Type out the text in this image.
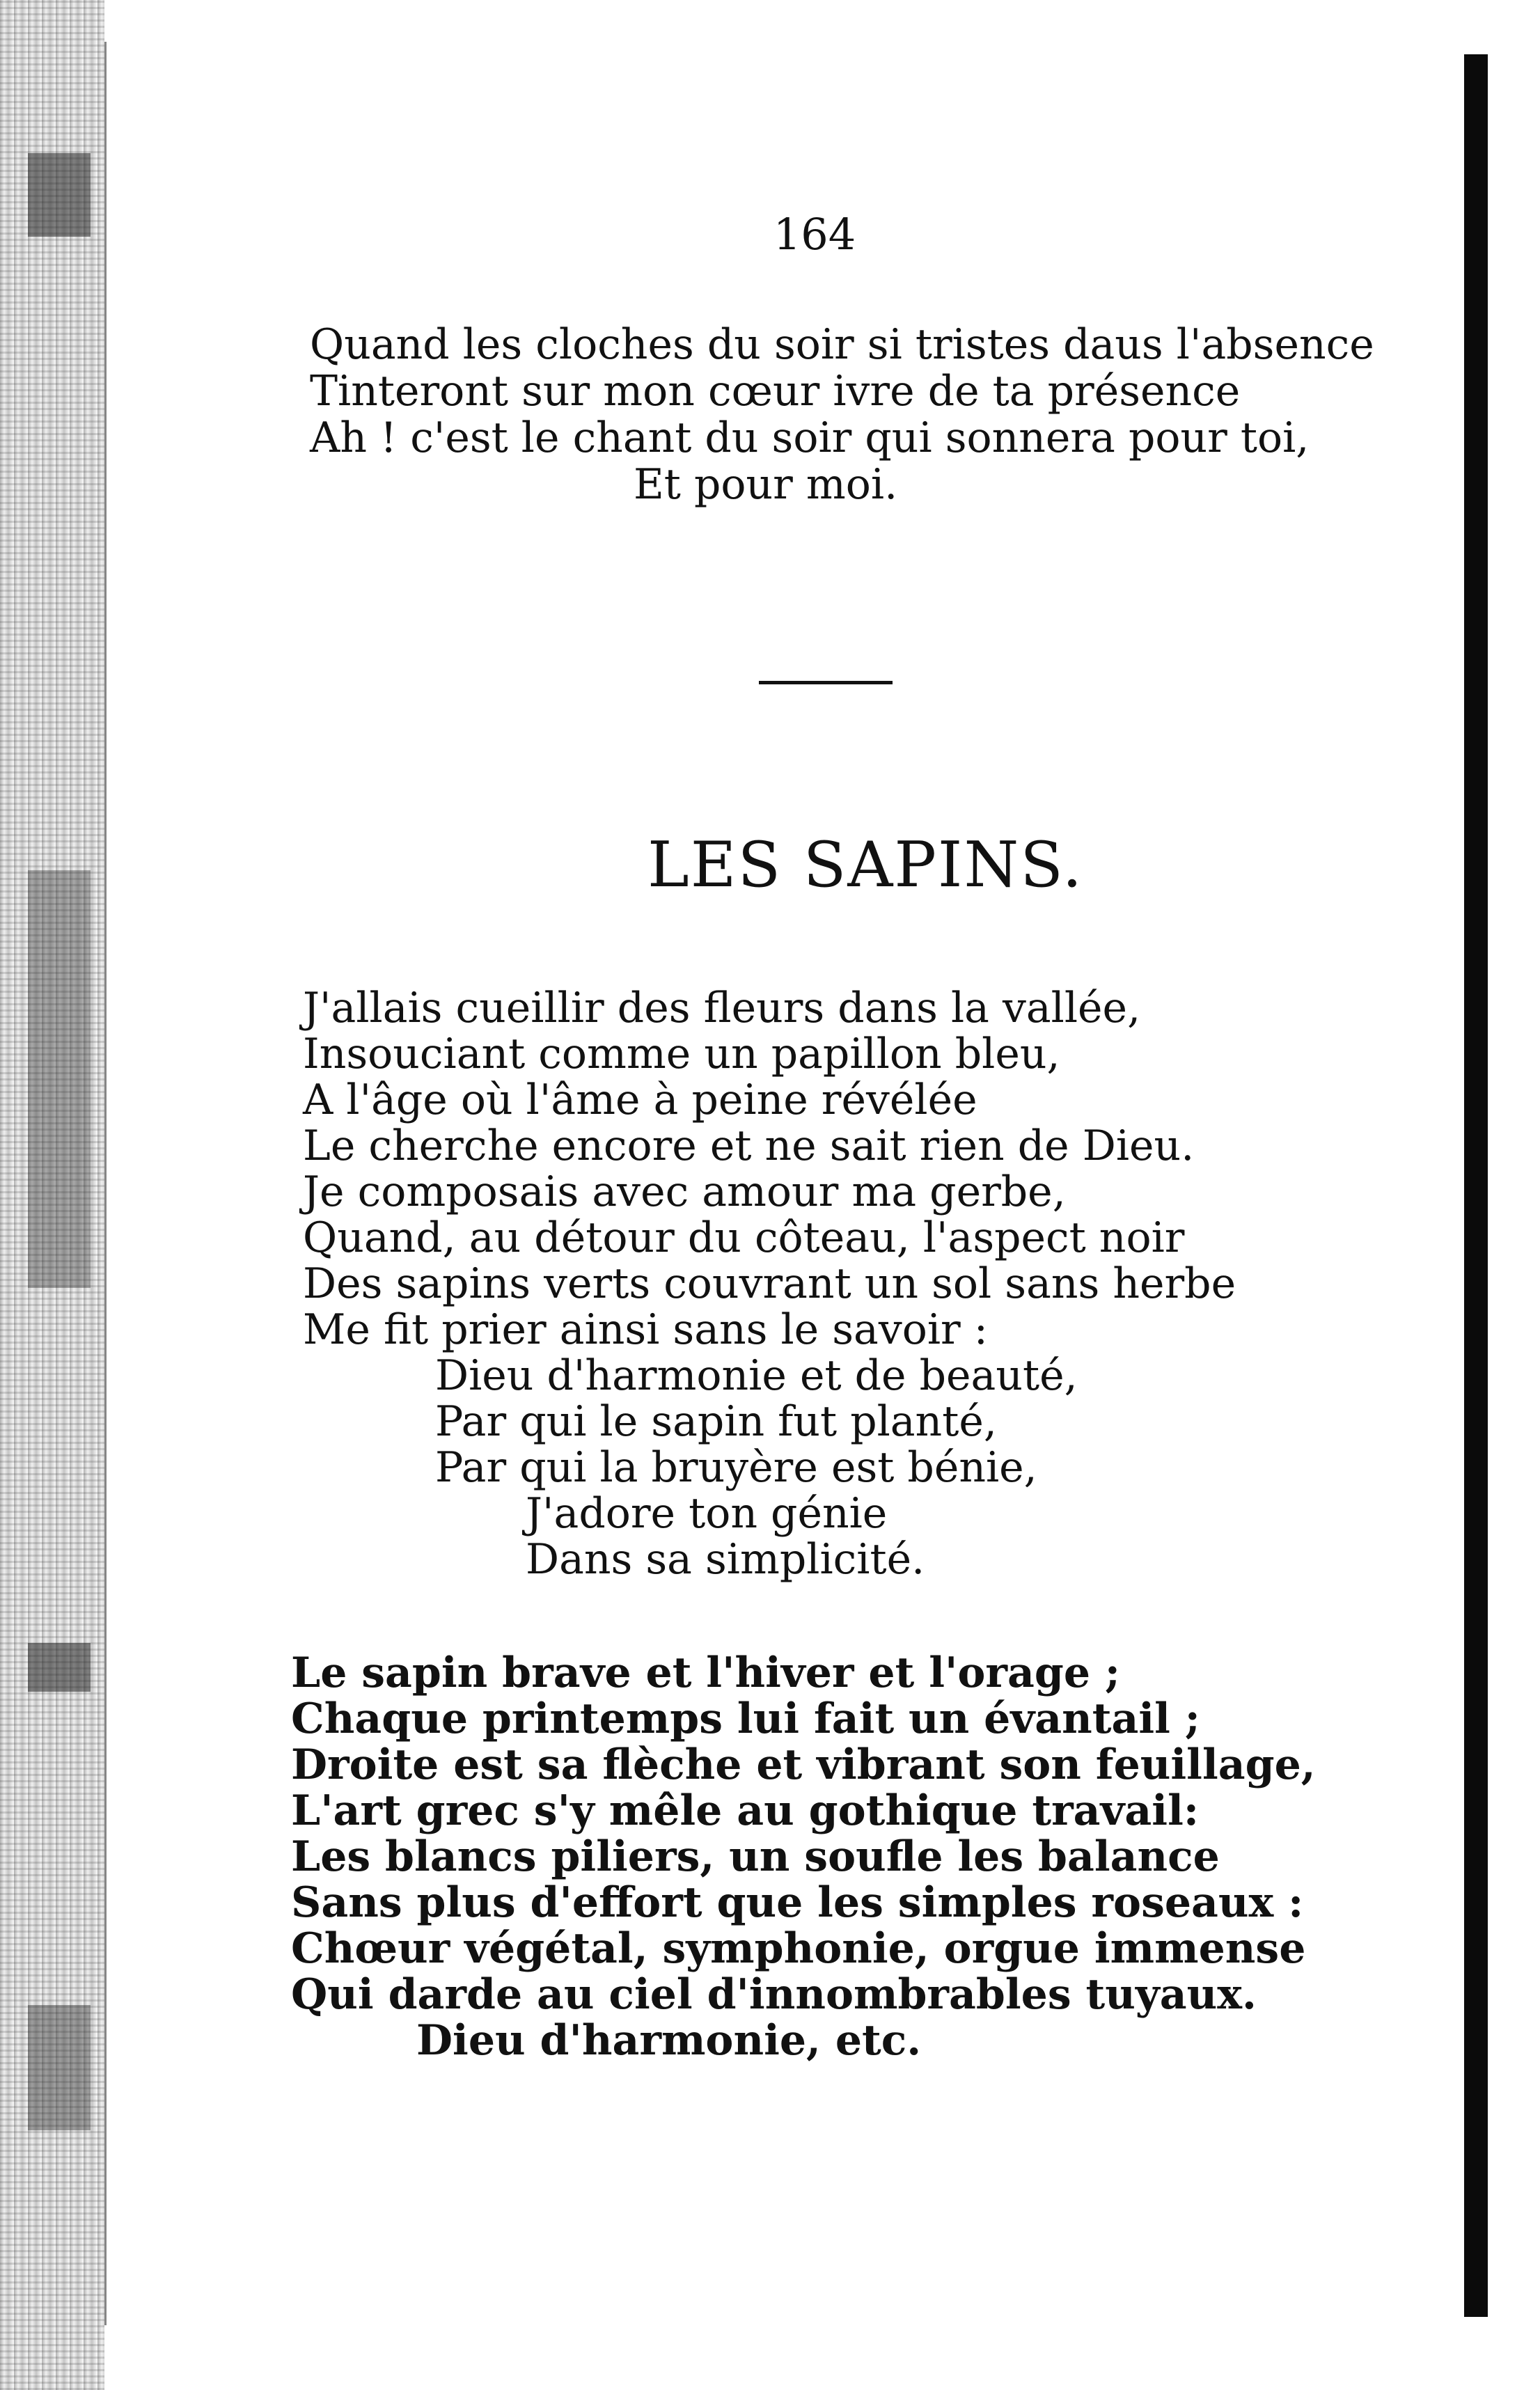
164
Quand les cloches du soir si tristes daus l'absence
Tinteront sur mon cœur ivre de ta présence
Ah ! c'est le chant du soir qui sonnera pour toi,
Et pour moi.
LES SAPINS.
J'allais cueillir des fleurs dans la vallée,
Insouciant comme un papillon bleu,
A l'âge où l'âme à peine révélée
Le cherche encore et ne sait rien de Dieu.
Je composais avec amour ma gerbe,
Quand, au détour du côteau, l'aspect noir
Des sapins verts couvrant un sol sans herbe
Me fit prier ainsi sans le savoir :
Dieu d'harmonie et de beauté,
Par qui le sapin fut planté,
Par qui la bruyère est bénie,
J'adore ton génie
Dans sa simplicité.
Le sapin brave et l'hiver et l'orage ;
Chaque printemps lui fait un évantail ;
Droite est sa flèche et vibrant son feuillage,
L'art grec s'y mêle au gothique travail:
Les blancs piliers, un soufle les balance
Sans plus d'effort que les simples roseaux :
Chœur végétal, symphonie, orgue immense
Qui darde au ciel d'innombrables tuyaux.
Dieu d'harmonie, etc.
